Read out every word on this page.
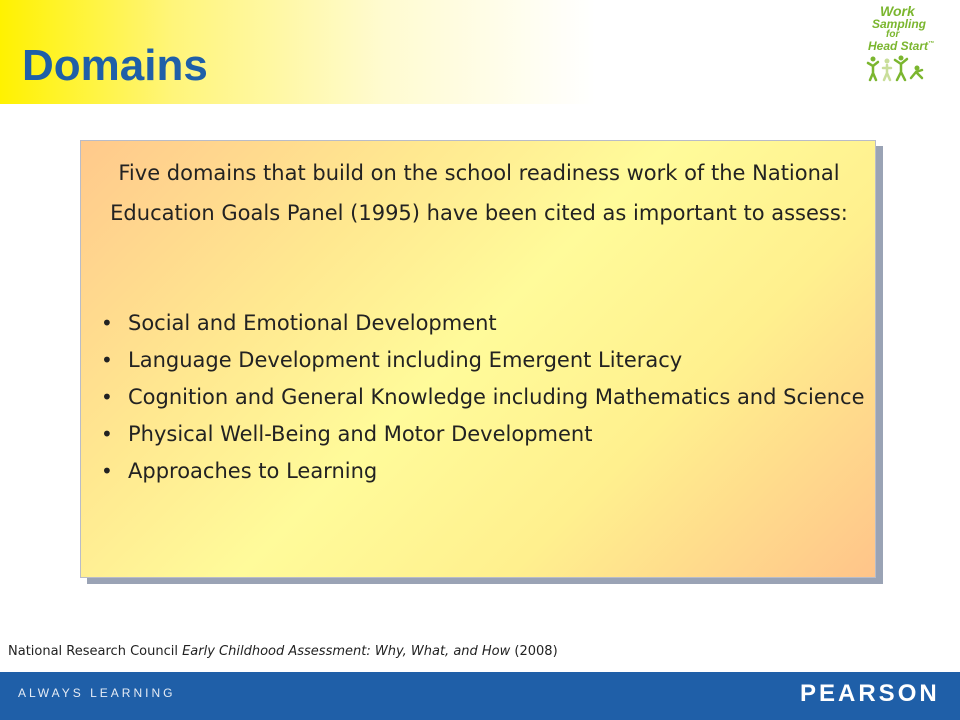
Domains
Work
Sampling
for
Head Start™
Five domains that build on the school readiness work of the National Education Goals Panel (1995) have been cited as important to assess:
• Social and Emotional Development
• Language Development including Emergent Literacy
• Cognition and General Knowledge including Mathematics and Science
• Physical Well-Being and Motor Development
• Approaches to Learning
National Research Council Early Childhood Assessment: Why, What, and How (2008)
ALWAYS LEARNING	PEARSON
